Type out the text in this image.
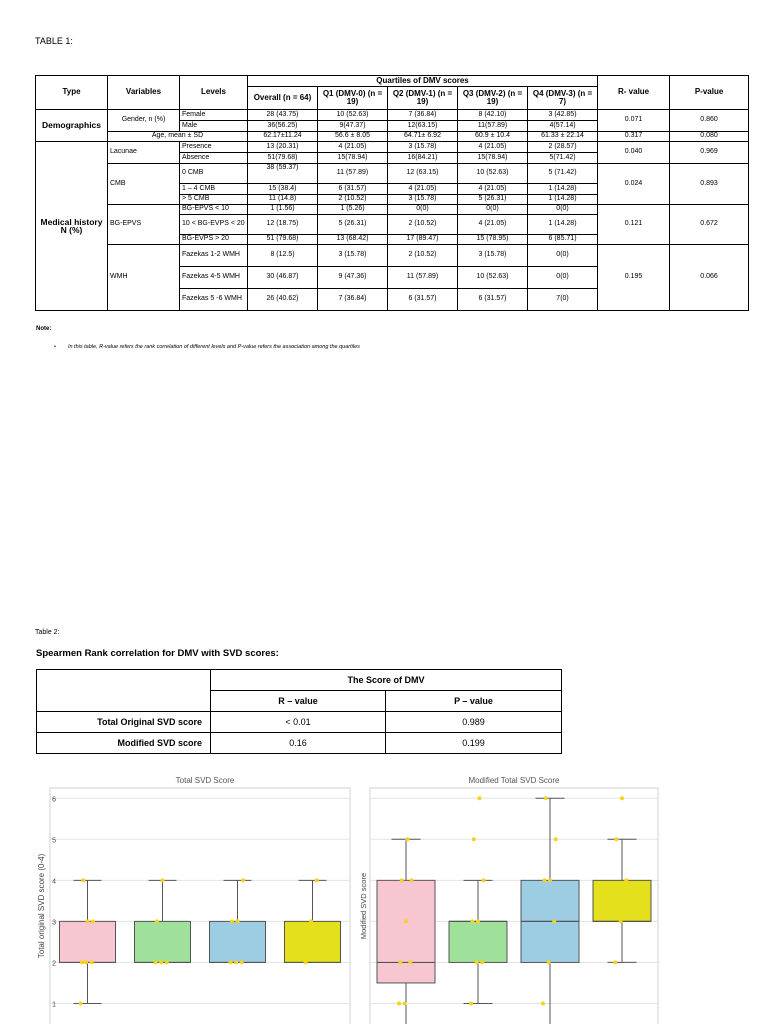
TABLE 1:
Type	Variables	Levels	Quartiles of DMV scores					R- value	P-value
			Overall (n = 64)	Q1 (DMV-0) (n = 19)	Q2 (DMV-1) (n = 19)	Q3 (DMV-2) (n = 19)	Q4 (DMV-3) (n = 7)		
Demographics	Gender, n (%)	Female	28 (43.75)	10 (52.63)	7 (36.84)	8 (42.10)	3 (42.85)	0.071	0.860
		Male	36(56.25)	9(47.37)	12(63.15)	11(57.89)	4(57.14)		
	Age, mean ± SD		62.17±11.24	56.6 ± 8.05	64.71± 6.92	60.9 ± 10.4	61.33 ± 22.14	0.317	0.080
Medical history N (%)	Lacunae	Presence	13 (20.31)	4 (21.05)	3 (15.78)	4 (21.05)	2 (28.57)	0.040	0.969
		Absence	51(79.68)	15(78.94)	16(84.21)	15(78.94)	5(71.42)		
	CMB	0 CMB	38 (59.37)	11 (57.89)	12 (63.15)	10 (52.63)	5 (71.42)	0.024	0.893
		1 – 4 CMB	15 (38.4)	6 (31.57)	4 (21.05)	4 (21.05)	1 (14.28)		
		> 5 CMB	11 (14.8)	2 (10.52)	3 (15.78)	5 (26.31)	1 (14.28)		
	BG-EPVS	BG-EPVS < 10	1 (1.56)	1 (5.26)	0(0)	0(0)	0(0)	0.121	0.672
		10 < BG-EVPS < 20	12 (18.75)	5 (26.31)	2 (10.52)	4 (21.05)	1 (14.28)		
		BG-EVPS > 20	51 (79.68)	13 (68.42)	17 (89.47)	15 (78.95)	6 (85.71)		
	WMH	Fazekas 1-2 WMH	8 (12.5)	3 (15.78)	2 (10.52)	3 (15.78)	0(0)	0.195	0.066
		Fazekas 4-5 WMH	30 (46.87)	9 (47.36)	11 (57.89)	10 (52.63)	0(0)		
		Fazekas 5 -6 WMH	26 (40.62)	7 (36.84)	6 (31.57)	6 (31.57)	7(0)		
Note:
• In this table, R-value refers the rank correlation of different levels and P-value refers the association among the quartiles
Table 2:
Spearmen Rank correlation for DMV with SVD scores:
	The Score of DMV	
	R – value	P – value
Total Original SVD score	< 0.01	0.989
Modified SVD score	0.16	0.199
Total SVD Score
Total original SVD score (0-4)
1
2
3
4
5
6
Modified Total SVD Score
Modified SVD score
